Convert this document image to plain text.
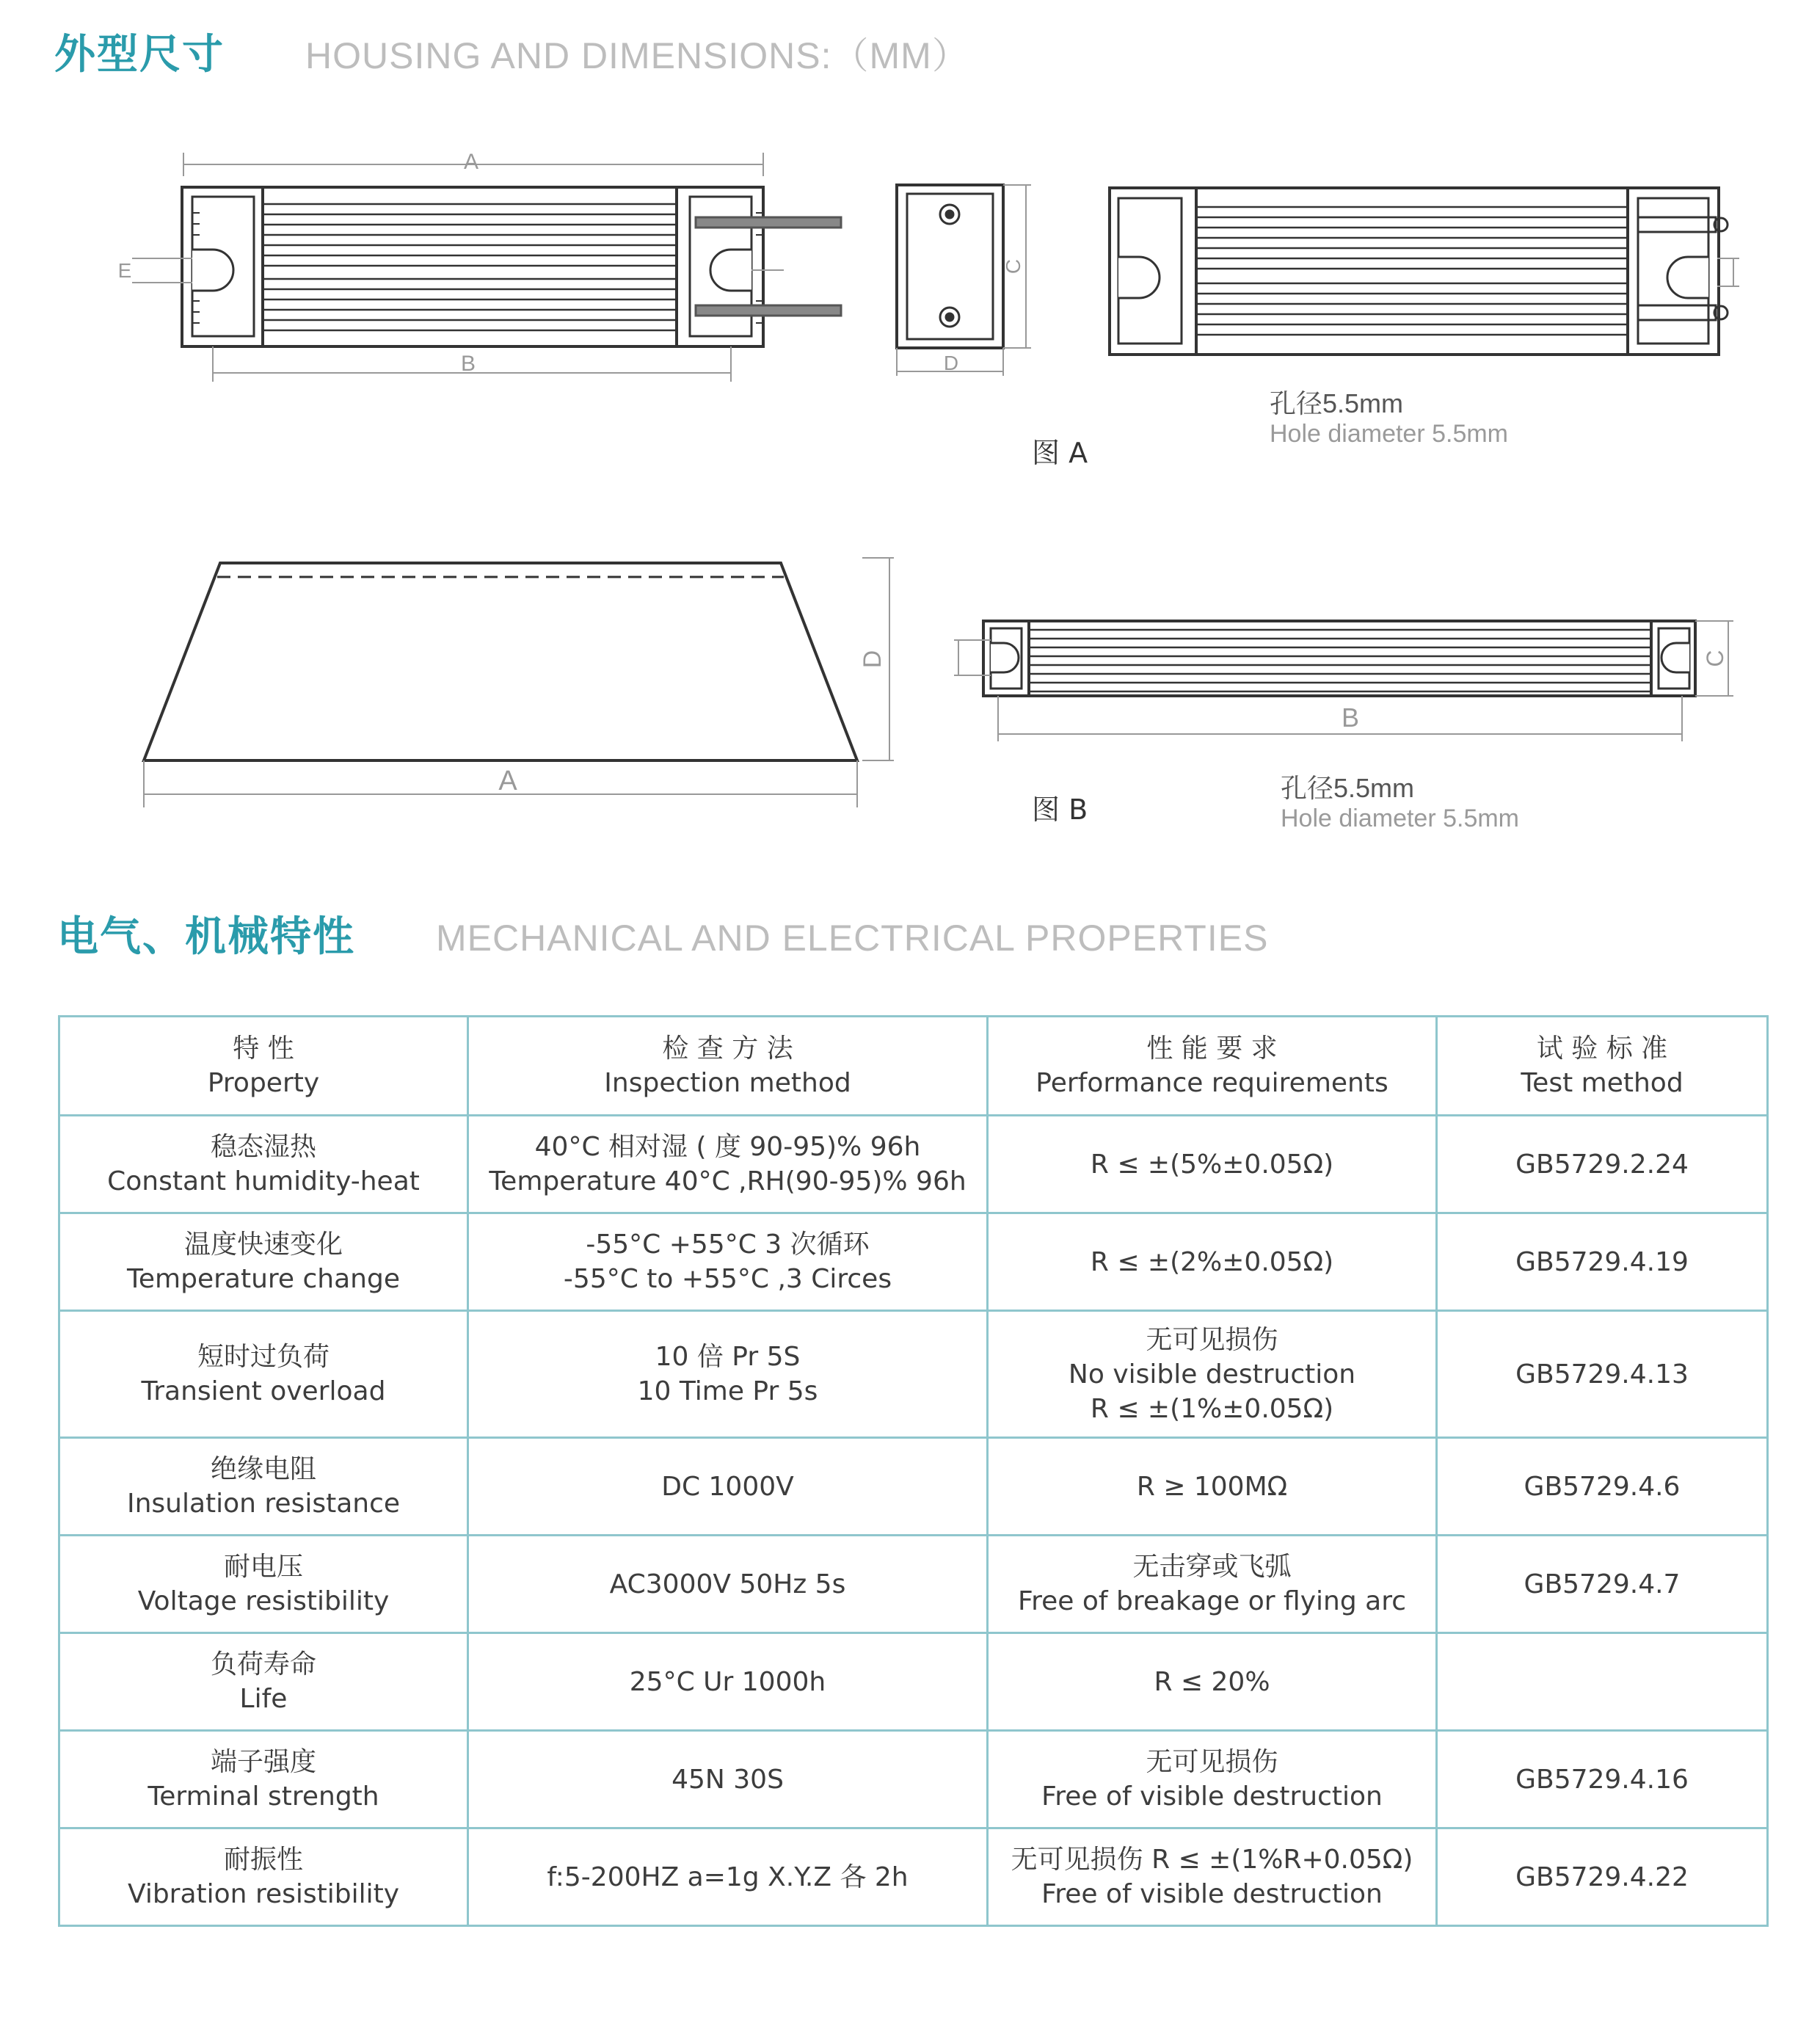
外型尺寸 HOUSING AND DIMENSIONS:（MM）
A
E
B
C
D
D
A
C
B
孔径5.5mm
Hole diameter 5.5mm
图 A
孔径5.5mm
Hole diameter 5.5mm
图 B
电气、机械特性 MECHANICAL AND ELECTRICAL PROPERTIES
特 性
Property	检 查 方 法
Inspection method	性 能 要 求
Performance requirements	试 验 标 准
Test method

稳态湿热
Constant humidity-heat	40°C 相对湿 ( 度 90-95)% 96h
Temperature 40°C ,RH(90-95)% 96h	R ≤ ±(5%±0.05Ω)	GB5729.2.24

温度快速变化
Temperature change	-55°C +55°C 3 次循环
-55°C to +55°C ,3 Circes	R ≤ ±(2%±0.05Ω)	GB5729.4.19

短时过负荷
Transient overload	10 倍 Pr 5S
10 Time Pr 5s	无可见损伤
No visible destruction
R ≤ ±(1%±0.05Ω)	GB5729.4.13

绝缘电阻
Insulation resistance	DC 1000V	R ≥ 100MΩ	GB5729.4.6

耐电压
Voltage resistibility	AC3000V 50Hz 5s	无击穿或飞弧
Free of breakage or flying arc	GB5729.4.7

负荷寿命
Life	25°C Ur 1000h	R ≤ 20%	

端子强度
Terminal strength	45N 30S	无可见损伤
Free of visible destruction	GB5729.4.16

耐振性
Vibration resistibility	f:5-200HZ a=1g X.Y.Z 各 2h	无可见损伤 R ≤ ±(1%R+0.05Ω)
Free of visible destruction	GB5729.4.22
